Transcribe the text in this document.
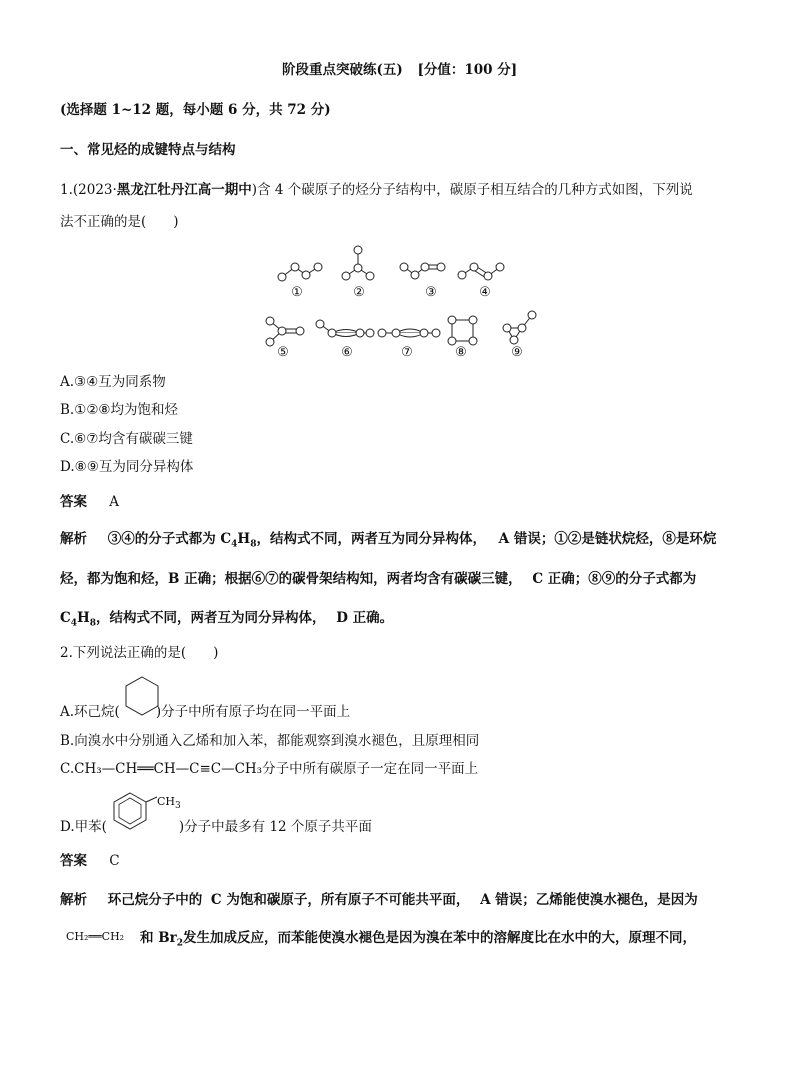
阶段重点突破练(五) [分值：100 分]
(选择题 1~12 题，每小题 6 分，共 72 分)
一、常见烃的成键特点与结构
1.(2023·黑龙江牡丹江高一期中)含 4 个碳原子的烃分子结构中，碳原子相互结合的几种方式如图，下列说
法不正确的是(　　)
①	②	③	④
⑤	⑥	⑦	⑧	⑨
A.③④互为同系物
B.①②⑧均为饱和烃
C.⑥⑦均含有碳碳三键
D.⑧⑨互为同分异构体
答案 A
解析 ③④的分子式都为 $C_4H_8$，结构式不同，两者互为同分异构体， A 错误；①②是链状烷烃，⑧是环烷
烃，都为饱和烃，B 正确；根据⑥⑦的碳骨架结构知，两者均含有碳碳三键， C 正确；⑧⑨的分子式都为
$C_4H_8$，结构式不同，两者互为同分异构体， D 正确。
2.下列说法正确的是(　　)
A.环己烷(	)分子中所有原子均在同一平面上
B.向溴水中分别通入乙烯和加入苯，都能观察到溴水褪色，且原理相同
C.CH₃—CH══CH—C≡C—CH₃分子中所有碳原子一定在同一平面上
$CH_3$
D.甲苯(	)分子中最多有 12 个原子共平面
答案 C
解析 环己烷分子中的 C 为饱和碳原子，所有原子不可能共平面， A 错误；乙烯能使溴水褪色，是因为
CH₂══CH₂ 和 $Br_2$发生加成反应，而苯能使溴水褪色是因为溴在苯中的溶解度比在水中的大，原理不同，
